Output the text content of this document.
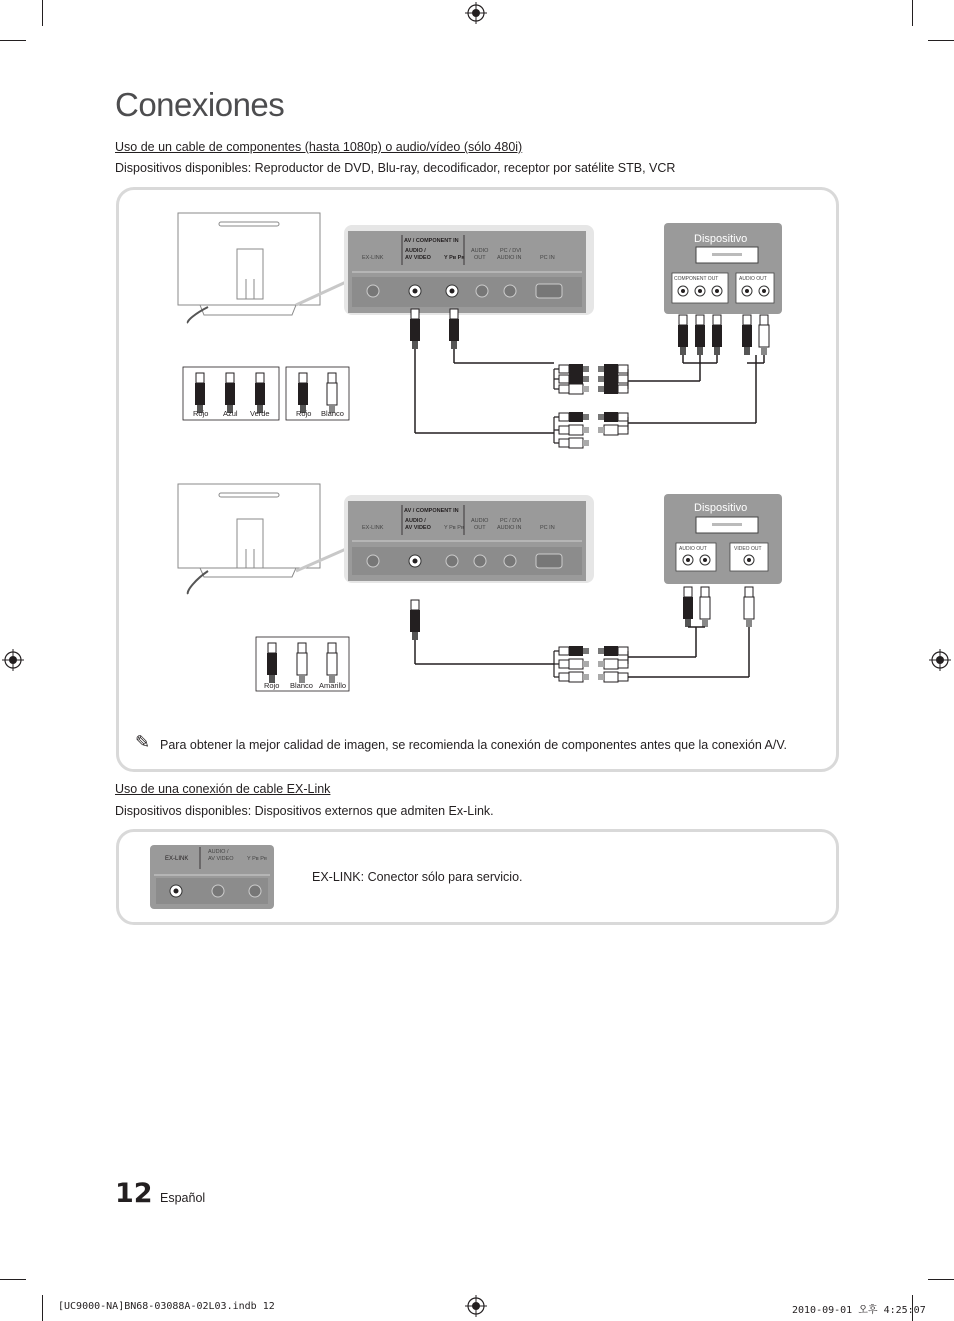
Conexiones
Uso de un cable de componentes (hasta 1080p) o audio/vídeo (sólo 480i)
Dispositivos disponibles: Reproductor de DVD, Blu-ray, decodificador, receptor por satélite STB, VCR
AV / COMPONENT IN
EX-LINK
AUDIO /
AV VIDEO Y Pв Pʀ
AUDIO
OUT
PC / DVI
AUDIO IN	PC IN
Dispositivo
COMPONENT OUT	AUDIO OUT
Rojo Azul Verde	Rojo Blanco
AV / COMPONENT IN
EX-LINK
AUDIO /
AV VIDEO Y Pв Pʀ
AUDIO
OUT
PC / DVI
AUDIO IN	PC IN
Dispositivo
AUDIO OUT	VIDEO OUT
Rojo Blanco Amarillo
✎ Para obtener la mejor calidad de imagen, se recomienda la conexión de componentes antes que la conexión A/V.
Uso de una conexión de cable EX-Link
Dispositivos disponibles: Dispositivos externos que admiten Ex-Link.
EX-LINK
AUDIO /
AV VIDEO Y Pв Pʀ
EX-LINK: Conector sólo para servicio.
12 Español
[UC9000-NA]BN68-03088A-02L03.indb 12	2010-09-01 오후 4:25:07
